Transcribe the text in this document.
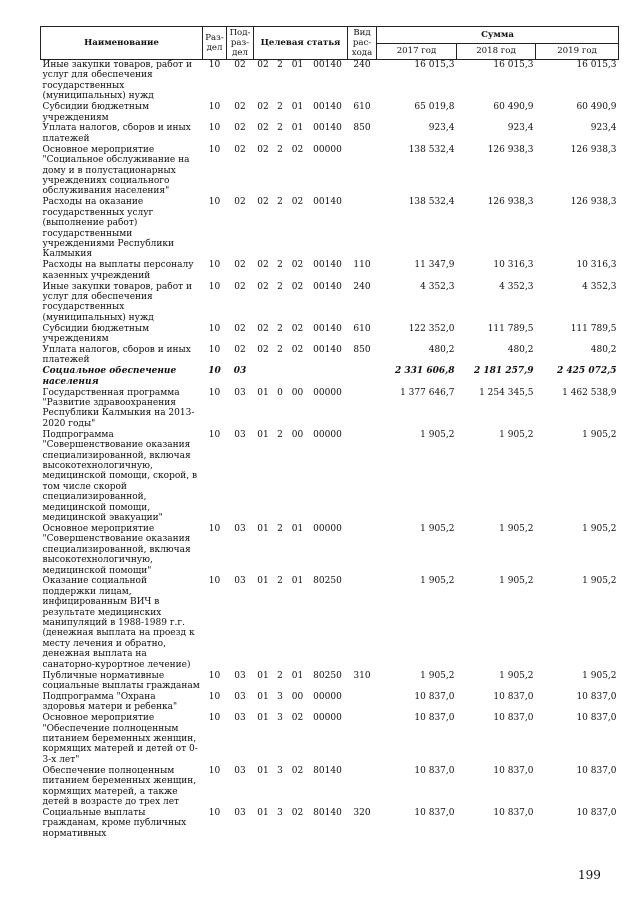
Наименование	Раз-дел	Под-раз-дел	Целевая статья				Вид рас-хода	Сумма		
								2017 год	2018 год	2019 год
Иные закупки товаров, работ и услуг для обеспечения государственных (муниципальных) нужд	10	02	02	2	01	00140	240	16 015,3	16 015,3	16 015,3
Субсидии бюджетным учреждениям	10	02	02	2	01	00140	610	65 019,8	60 490,9	60 490,9
Уплата налогов, сборов и иных платежей	10	02	02	2	01	00140	850	923,4	923,4	923,4
Основное мероприятие "Социальное обслуживание на дому и в полустационарных учреждениях социального обслуживания населения"	10	02	02	2	02	00000		138 532,4	126 938,3	126 938,3
Расходы на оказание государственных услуг (выполнение работ) государственными учреждениями Республики Калмыкия	10	02	02	2	02	00140		138 532,4	126 938,3	126 938,3
Расходы на выплаты персоналу казенных учреждений	10	02	02	2	02	00140	110	11 347,9	10 316,3	10 316,3
Иные закупки товаров, работ и услуг для обеспечения государственных (муниципальных) нужд	10	02	02	2	02	00140	240	4 352,3	4 352,3	4 352,3
Субсидии бюджетным учреждениям	10	02	02	2	02	00140	610	122 352,0	111 789,5	111 789,5
Уплата налогов, сборов и иных платежей	10	02	02	2	02	00140	850	480,2	480,2	480,2
Социальное обеспечение населения	10	03						2 331 606,8	2 181 257,9	2 425 072,5
Государственная программа "Развитие здравоохранения Республики Калмыкия на 2013-2020 годы"	10	03	01	0	00	00000		1 377 646,7	1 254 345,5	1 462 538,9
Подпрограмма "Совершенствование оказания специализированной, включая высокотехнологичную, медицинской помощи, скорой, в том числе скорой специализированной, медицинской помощи, медицинской эвакуации"	10	03	01	2	00	00000		1 905,2	1 905,2	1 905,2
Основное мероприятие "Совершенствование оказания специализированной, включая высокотехнологичную, медицинской помощи"	10	03	01	2	01	00000		1 905,2	1 905,2	1 905,2
Оказание социальной поддержки лицам, инфицированным ВИЧ в результате медицинских манипуляций в 1988-1989 г.г. (денежная выплата на проезд к месту лечения и обратно, денежная выплата на санаторно-курортное лечение)	10	03	01	2	01	80250		1 905,2	1 905,2	1 905,2
Публичные нормативные социальные выплаты гражданам	10	03	01	2	01	80250	310	1 905,2	1 905,2	1 905,2
Подпрограмма "Охрана здоровья матери и ребенка"	10	03	01	3	00	00000		10 837,0	10 837,0	10 837,0
Основное мероприятие "Обеспечение полноценным питанием беременных женщин, кормящих матерей и детей от 0-3-х лет"	10	03	01	3	02	00000		10 837,0	10 837,0	10 837,0
Обеспечение полноценным питанием беременных женщин, кормящих матерей, а также детей в возрасте до трех лет	10	03	01	3	02	80140		10 837,0	10 837,0	10 837,0
Социальные выплаты гражданам, кроме публичных нормативных	10	03	01	3	02	80140	320	10 837,0	10 837,0	10 837,0
199
